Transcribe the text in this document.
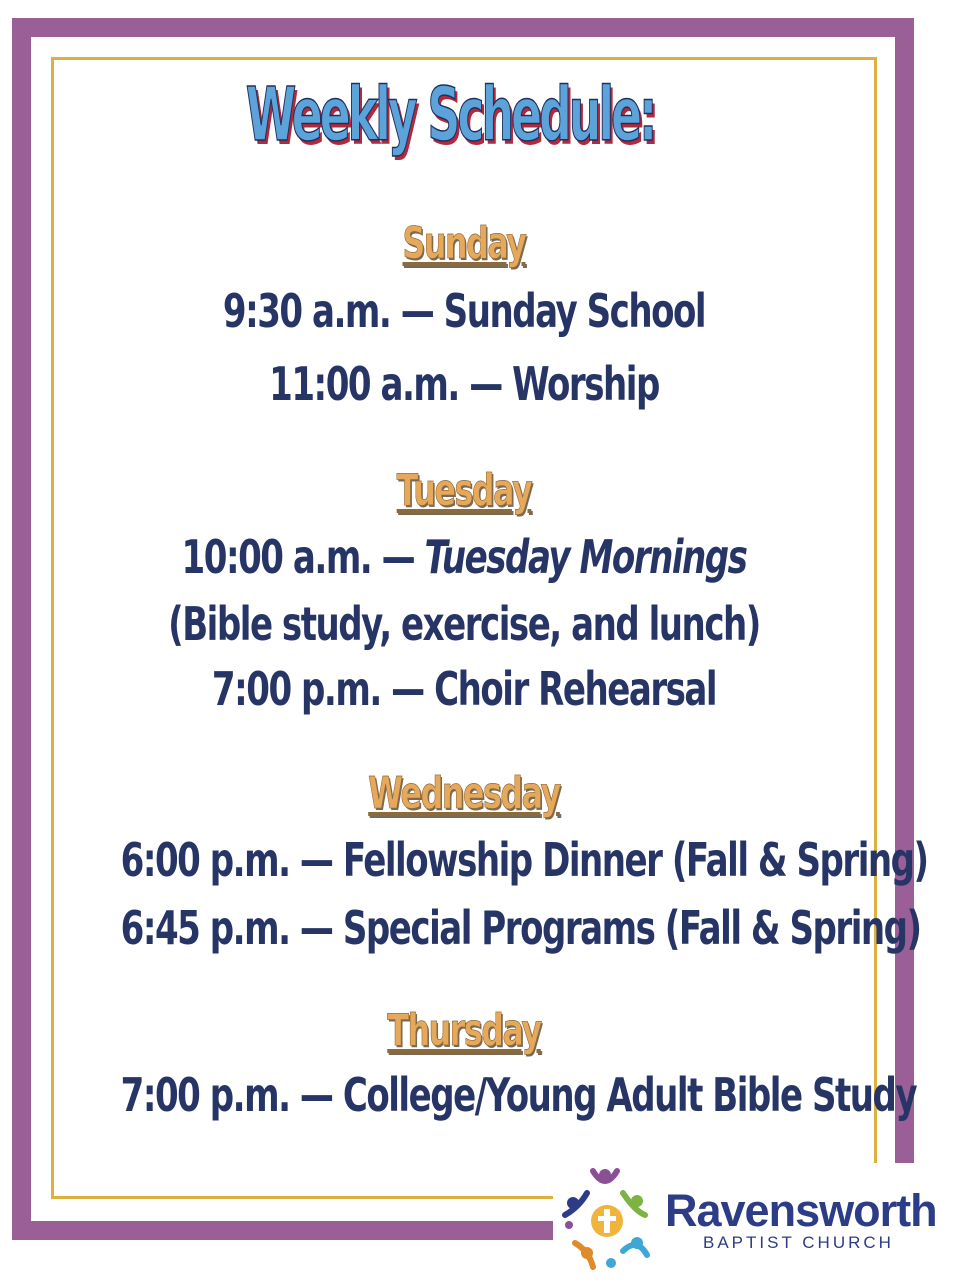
Weekly Schedule:
Sunday
9:30 a.m. — Sunday School
11:00 a.m. — Worship
Tuesday
10:00 a.m. — Tuesday Mornings
(Bible study, exercise, and lunch)
7:00 p.m. — Choir Rehearsal
Wednesday
6:00 p.m. — Fellowship Dinner (Fall & Spring)
6:45 p.m. — Special Programs (Fall & Spring)
Thursday
7:00 p.m. — College/Young Adult Bible Study
Ravensworth
BAPTIST CHURCH
